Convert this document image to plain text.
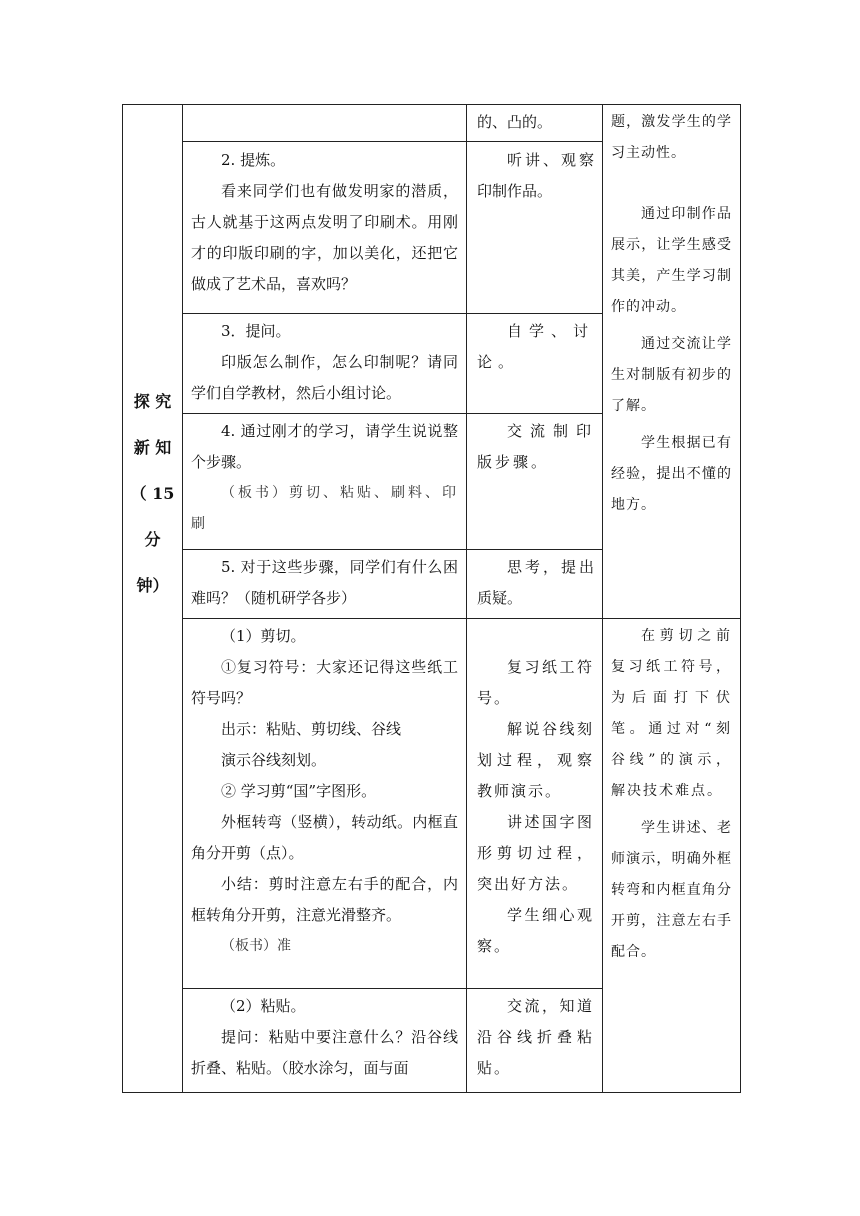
探 究

新 知

（ 15

分

钟）

的、凸的。

2. 提炼。

看来同学们也有做发明家的潜质，古人就基于这两点发明了印刷术。用刚才的印版印刷的字，加以美化，还把它做成了艺术品，喜欢吗？

听讲、观察印制作品。

3．提问。

印版怎么制作，怎么印制呢？请同学们自学教材，然后小组讨论。

自学、讨论。

4. 通过刚才的学习，请学生说说整个步骤。

（板书）剪切、粘贴、刷料、印刷

交流制印版步骤。

5. 对于这些步骤，同学们有什么困难吗？（随机研学各步）

思考，提出质疑。

（1）剪切。

①复习符号：大家还记得这些纸工符号吗？

出示：粘贴、剪切线、谷线

演示谷线刻划。

② 学习剪“国”字图形。

外框转弯（竖横），转动纸。内框直角分开剪（点）。

小结：剪时注意左右手的配合，内框转角分开剪，注意光滑整齐。

（板书）准

复习纸工符号。

解说谷线刻划过程，观察教师演示。

讲述国字图形剪切过程，突出好方法。

学生细心观察。

（2）粘贴。

提问：粘贴中要注意什么？沿谷线折叠、粘贴。（胶水涂匀，面与面

交流，知道沿谷线折叠粘贴。

题，激发学生的学习主动性。

通过印制作品展示，让学生感受其美，产生学习制作的冲动。

通过交流让学生对制版有初步的了解。

学生根据已有经验，提出不懂的地方。

在剪切之前复习纸工符号，为后面打下伏笔。通过对“刻谷线”的演示，解决技术难点。

学生讲述、老师演示，明确外框转弯和内框直角分开剪，注意左右手配合。
